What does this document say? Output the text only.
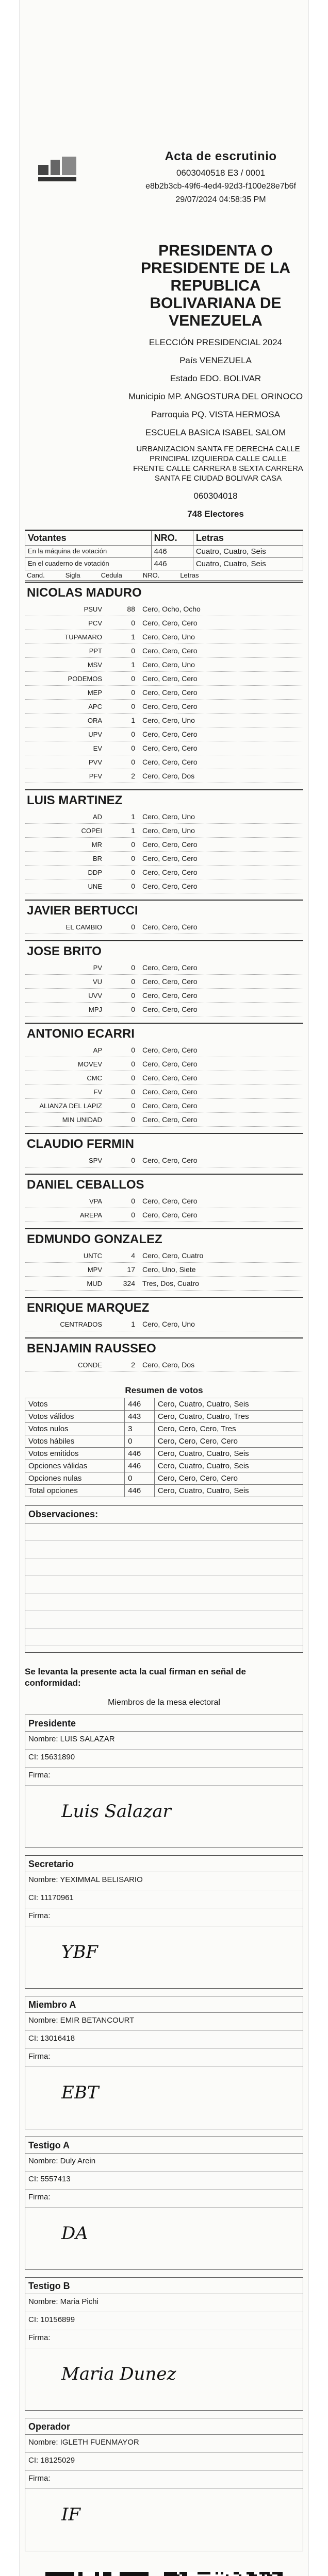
Acta de escrutinio
0603040518 E3 / 0001
e8b2b3cb-49f6-4ed4-92d3-f100e28e7b6f
29/07/2024 04:58:35 PM
PRESIDENTA O PRESIDENTE DE LA REPUBLICA BOLIVARIANA DE VENEZUELA
ELECCIÓN PRESIDENCIAL 2024
País VENEZUELA
Estado EDO. BOLIVAR
Municipio MP. ANGOSTURA DEL ORINOCO
Parroquia PQ. VISTA HERMOSA
ESCUELA BASICA ISABEL SALOM
URBANIZACION SANTA FE DERECHA CALLE PRINCIPAL IZQUIERDA CALLE CALLE FRENTE CALLE CARRERA 8 SEXTA CARRERA SANTA FE CIUDAD BOLIVAR CASA
060304018
748 Electores
Votantes	NRO.	Letras
En la máquina de votación	446	Cuatro, Cuatro, Seis
En el cuaderno de votación	446	Cuatro, Cuatro, Seis
Cand.	Sigla	Cedula	NRO.	Letras
NICOLAS MADURO
PSUV	88	Cero, Ocho, Ocho
PCV	0	Cero, Cero, Cero
TUPAMARO	1	Cero, Cero, Uno
PPT	0	Cero, Cero, Cero
MSV	1	Cero, Cero, Uno
PODEMOS	0	Cero, Cero, Cero
MEP	0	Cero, Cero, Cero
APC	0	Cero, Cero, Cero
ORA	1	Cero, Cero, Uno
UPV	0	Cero, Cero, Cero
EV	0	Cero, Cero, Cero
PVV	0	Cero, Cero, Cero
PFV	2	Cero, Cero, Dos
LUIS MARTINEZ
AD	1	Cero, Cero, Uno
COPEI	1	Cero, Cero, Uno
MR	0	Cero, Cero, Cero
BR	0	Cero, Cero, Cero
DDP	0	Cero, Cero, Cero
UNE	0	Cero, Cero, Cero
JAVIER BERTUCCI
EL CAMBIO	0	Cero, Cero, Cero
JOSE BRITO
PV	0	Cero, Cero, Cero
VU	0	Cero, Cero, Cero
UVV	0	Cero, Cero, Cero
MPJ	0	Cero, Cero, Cero
ANTONIO ECARRI
AP	0	Cero, Cero, Cero
MOVEV	0	Cero, Cero, Cero
CMC	0	Cero, Cero, Cero
FV	0	Cero, Cero, Cero
ALIANZA DEL LAPIZ	0	Cero, Cero, Cero
MIN UNIDAD	0	Cero, Cero, Cero
CLAUDIO FERMIN
SPV	0	Cero, Cero, Cero
DANIEL CEBALLOS
VPA	0	Cero, Cero, Cero
AREPA	0	Cero, Cero, Cero
EDMUNDO GONZALEZ
UNTC	4	Cero, Cero, Cuatro
MPV	17	Cero, Uno, Siete
MUD	324	Tres, Dos, Cuatro
ENRIQUE MARQUEZ
CENTRADOS	1	Cero, Cero, Uno
BENJAMIN RAUSSEO
CONDE	2	Cero, Cero, Dos
Resumen de votos
Votos	446	Cero, Cuatro, Cuatro, Seis
Votos válidos	443	Cero, Cuatro, Cuatro, Tres
Votos nulos	3	Cero, Cero, Cero, Tres
Votos hábiles	0	Cero, Cero, Cero, Cero
Votos emitidos	446	Cero, Cuatro, Cuatro, Seis
Opciones válidas	446	Cero, Cuatro, Cuatro, Seis
Opciones nulas	0	Cero, Cero, Cero, Cero
Total opciones	446	Cero, Cuatro, Cuatro, Seis
Observaciones:
Se levanta la presente acta la cual firman en señal de conformidad:
Miembros de la mesa electoral
Presidente
Nombre: LUIS SALAZAR
CI: 15631890
Firma:
Luis Salazar
Secretario
Nombre: YEXIMMAL BELISARIO
CI: 11170961
Firma:
YBF
Miembro A
Nombre: EMIR BETANCOURT
CI: 13016418
Firma:
EBT
Testigo A
Nombre: Duly Arein
CI: 5557413
Firma:
DA
Testigo B
Nombre: Maria Pichi
CI: 10156899
Firma:
Maria Dunez
Operador
Nombre: IGLETH FUENMAYOR
CI: 18125029
Firma:
IF
